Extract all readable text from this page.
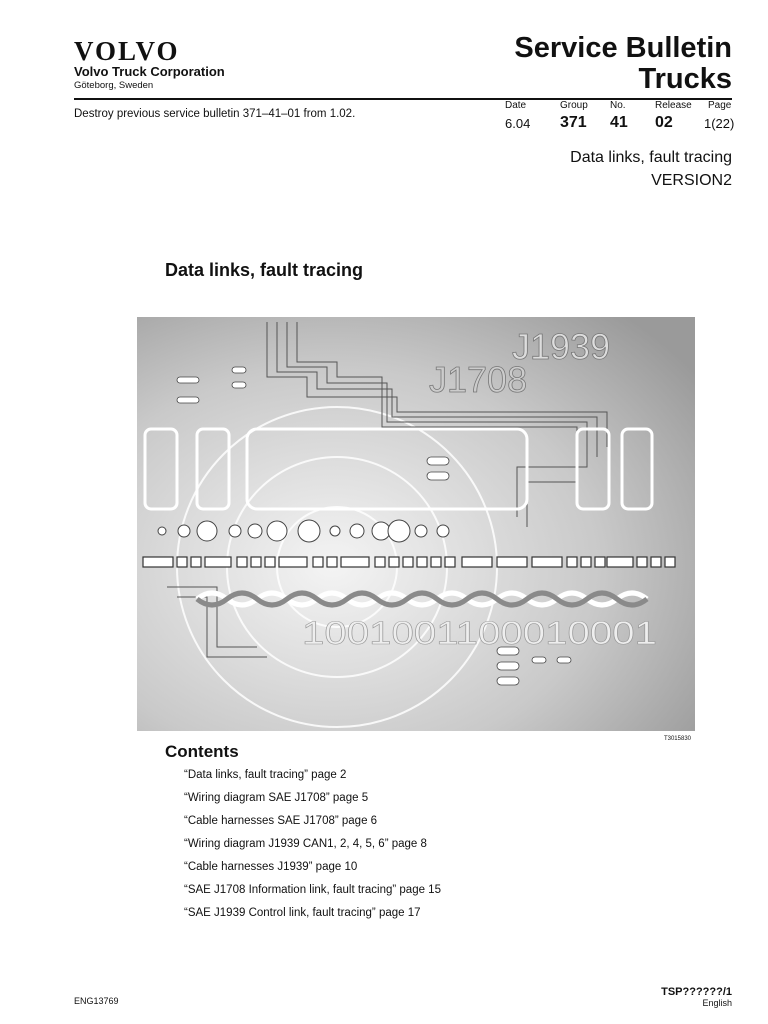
VOLVO
Volvo Truck Corporation
Göteborg, Sweden
Service Bulletin
Trucks
Destroy previous service bulletin 371–41–01 from 1.02.
Date	Group No.	Release Page
6.04 371 41 02 1(22)
Data links, fault tracing
VERSION2
Data links, fault tracing
J1939
J1708
1001001100010001
T3015830
Contents
“Data links, fault tracing” page 2
“Wiring diagram SAE J1708” page 5
“Cable harnesses SAE J1708” page 6
“Wiring diagram J1939 CAN1, 2, 4, 5, 6” page 8
“Cable harnesses J1939” page 10
“SAE J1708 Information link, fault tracing” page 15
“SAE J1939 Control link, fault tracing” page 17
ENG13769
TSP??????/1
English
